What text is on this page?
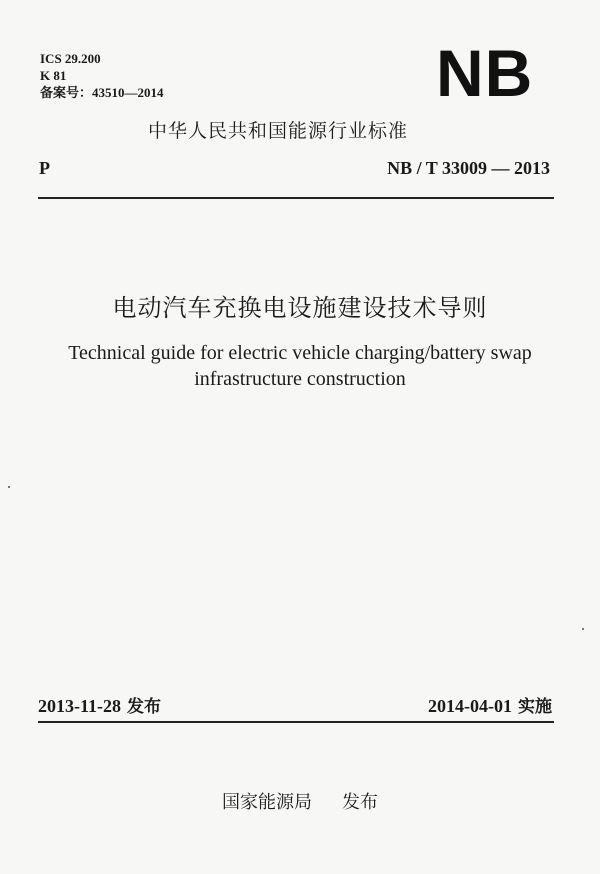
ICS 29.200
K 81
备案号：43510—2014	NB
中华人民共和国能源行业标准
P	NB / T 33009 — 2013
电动汽车充换电设施建设技术导则
Technical guide for electric vehicle charging/battery swap
infrastructure construction
2013-11-28 发布	2014-04-01 实施
国家能源局 发布
